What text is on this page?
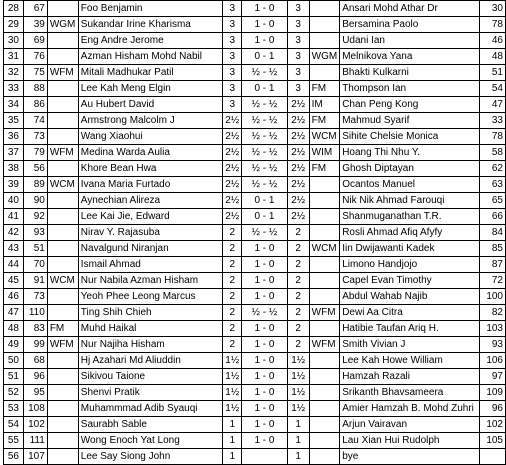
28	67		Foo Benjamin	3	1 - 0	3		Ansari Mohd Athar Dr	30
29	39	WGM	Sukandar Irine Kharisma	3	1 - 0	3		Bersamina Paolo	78
30	69		Eng Andre Jerome	3	1 - 0	3		Udani Ian	46
31	76		Azman Hisham Mohd Nabil	3	0 - 1	3	WGM	Melnikova Yana	48
32	75	WFM	Mitali Madhukar Patil	3	½ - ½	3		Bhakti Kulkarni	51
33	88		Lee Kah Meng Elgin	3	0 - 1	3	FM	Thompson Ian	54
34	86		Au Hubert David	3	½ - ½	2½	IM	Chan Peng Kong	47
35	74		Armstrong Malcolm J	2½	½ - ½	2½	FM	Mahmud Syarif	33
36	73		Wang Xiaohui	2½	½ - ½	2½	WCM	Sihite Chelsie Monica	78
37	79	WFM	Medina Warda Aulia	2½	½ - ½	2½	WIM	Hoang Thi Nhu Y.	58
38	56		Khore Bean Hwa	2½	½ - ½	2½	FM	Ghosh Diptayan	62
39	89	WCM	Ivana Maria Furtado	2½	½ - ½	2½		Ocantos Manuel	63
40	90		Aynechian Alireza	2½	0 - 1	2½		Nik Nik Ahmad Farouqi	65
41	92		Lee Kai Jie, Edward	2½	0 - 1	2½		Shanmuganathan T.R.	66
42	93		Nirav Y. Rajasuba	2	½ - ½	2		Rosli Ahmad Afiq Afyfy	84
43	51		Navalgund Niranjan	2	1 - 0	2	WCM	Iin Dwijawanti Kadek	85
44	70		Ismail Ahmad	2	1 - 0	2		Limono Handjojo	87
45	91	WCM	Nur Nabila Azman Hisham	2	1 - 0	2		Capel Evan Timothy	72
46	73		Yeoh Phee Leong Marcus	2	1 - 0	2		Abdul Wahab Najib	100
47	110		Ting Shih Chieh	2	½ - ½	2	WFM	Dewi Aa Citra	82
48	83	FM	Muhd Haikal	2	1 - 0	2		Hatibie Taufan Ariq H.	103
49	99	WFM	Nur Najiha Hisham	2	1 - 0	2	WFM	Smith Vivian J	93
50	68		Hj Azahari Md Aliuddin	1½	1 - 0	1½		Lee Kah Howe William	106
51	96		Sikivou Taione	1½	1 - 0	1½		Hamzah Razali	97
52	95		Shenvi Pratik	1½	1 - 0	1½		Srikanth Bhavsameera	109
53	108		Muhammmad Adib Syauqi	1½	1 - 0	1½		Amier Hamzah B. Mohd Zuhri	96
54	102		Saurabh Sable	1	1 - 0	1		Arjun Vairavan	102
55	111		Wong Enoch Yat Long	1	1 - 0	1		Lau Xian Hui Rudolph	105
56	107		Lee Say Siong John	1		1		bye	
